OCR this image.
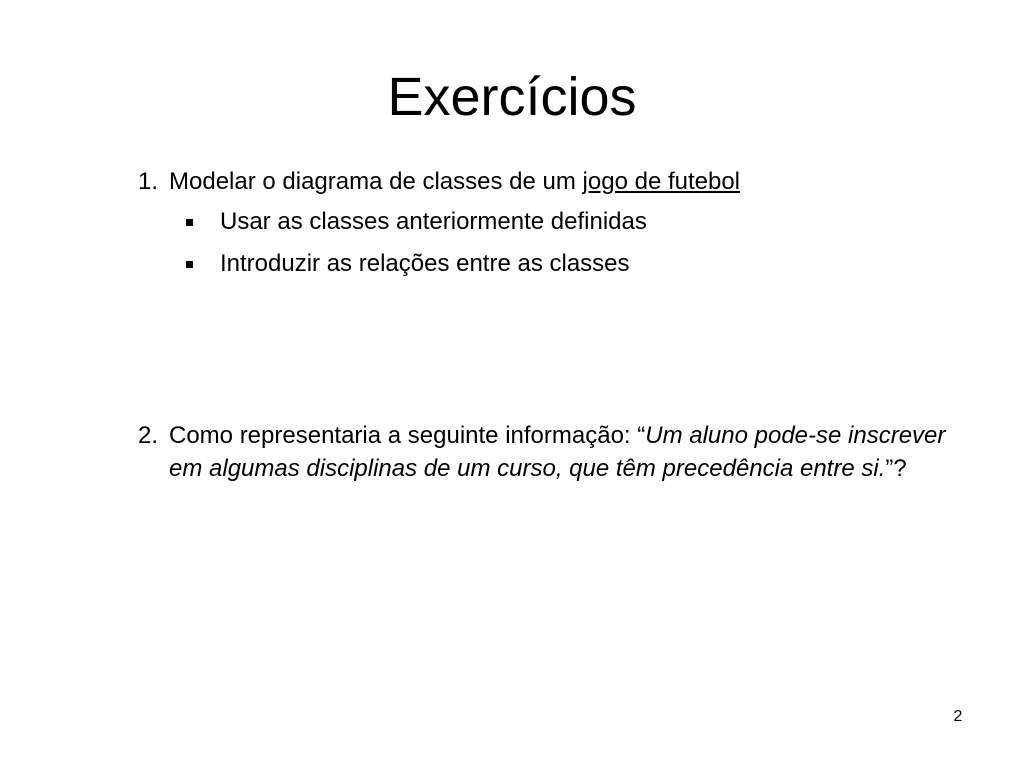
Exercícios
1. Modelar o diagrama de classes de um jogo de futebol
Usar as classes anteriormente definidas
Introduzir as relações entre as classes
2. Como representaria a seguinte informação: “Um aluno pode-se inscrever em algumas disciplinas de um curso, que têm precedência entre si.”?
2
